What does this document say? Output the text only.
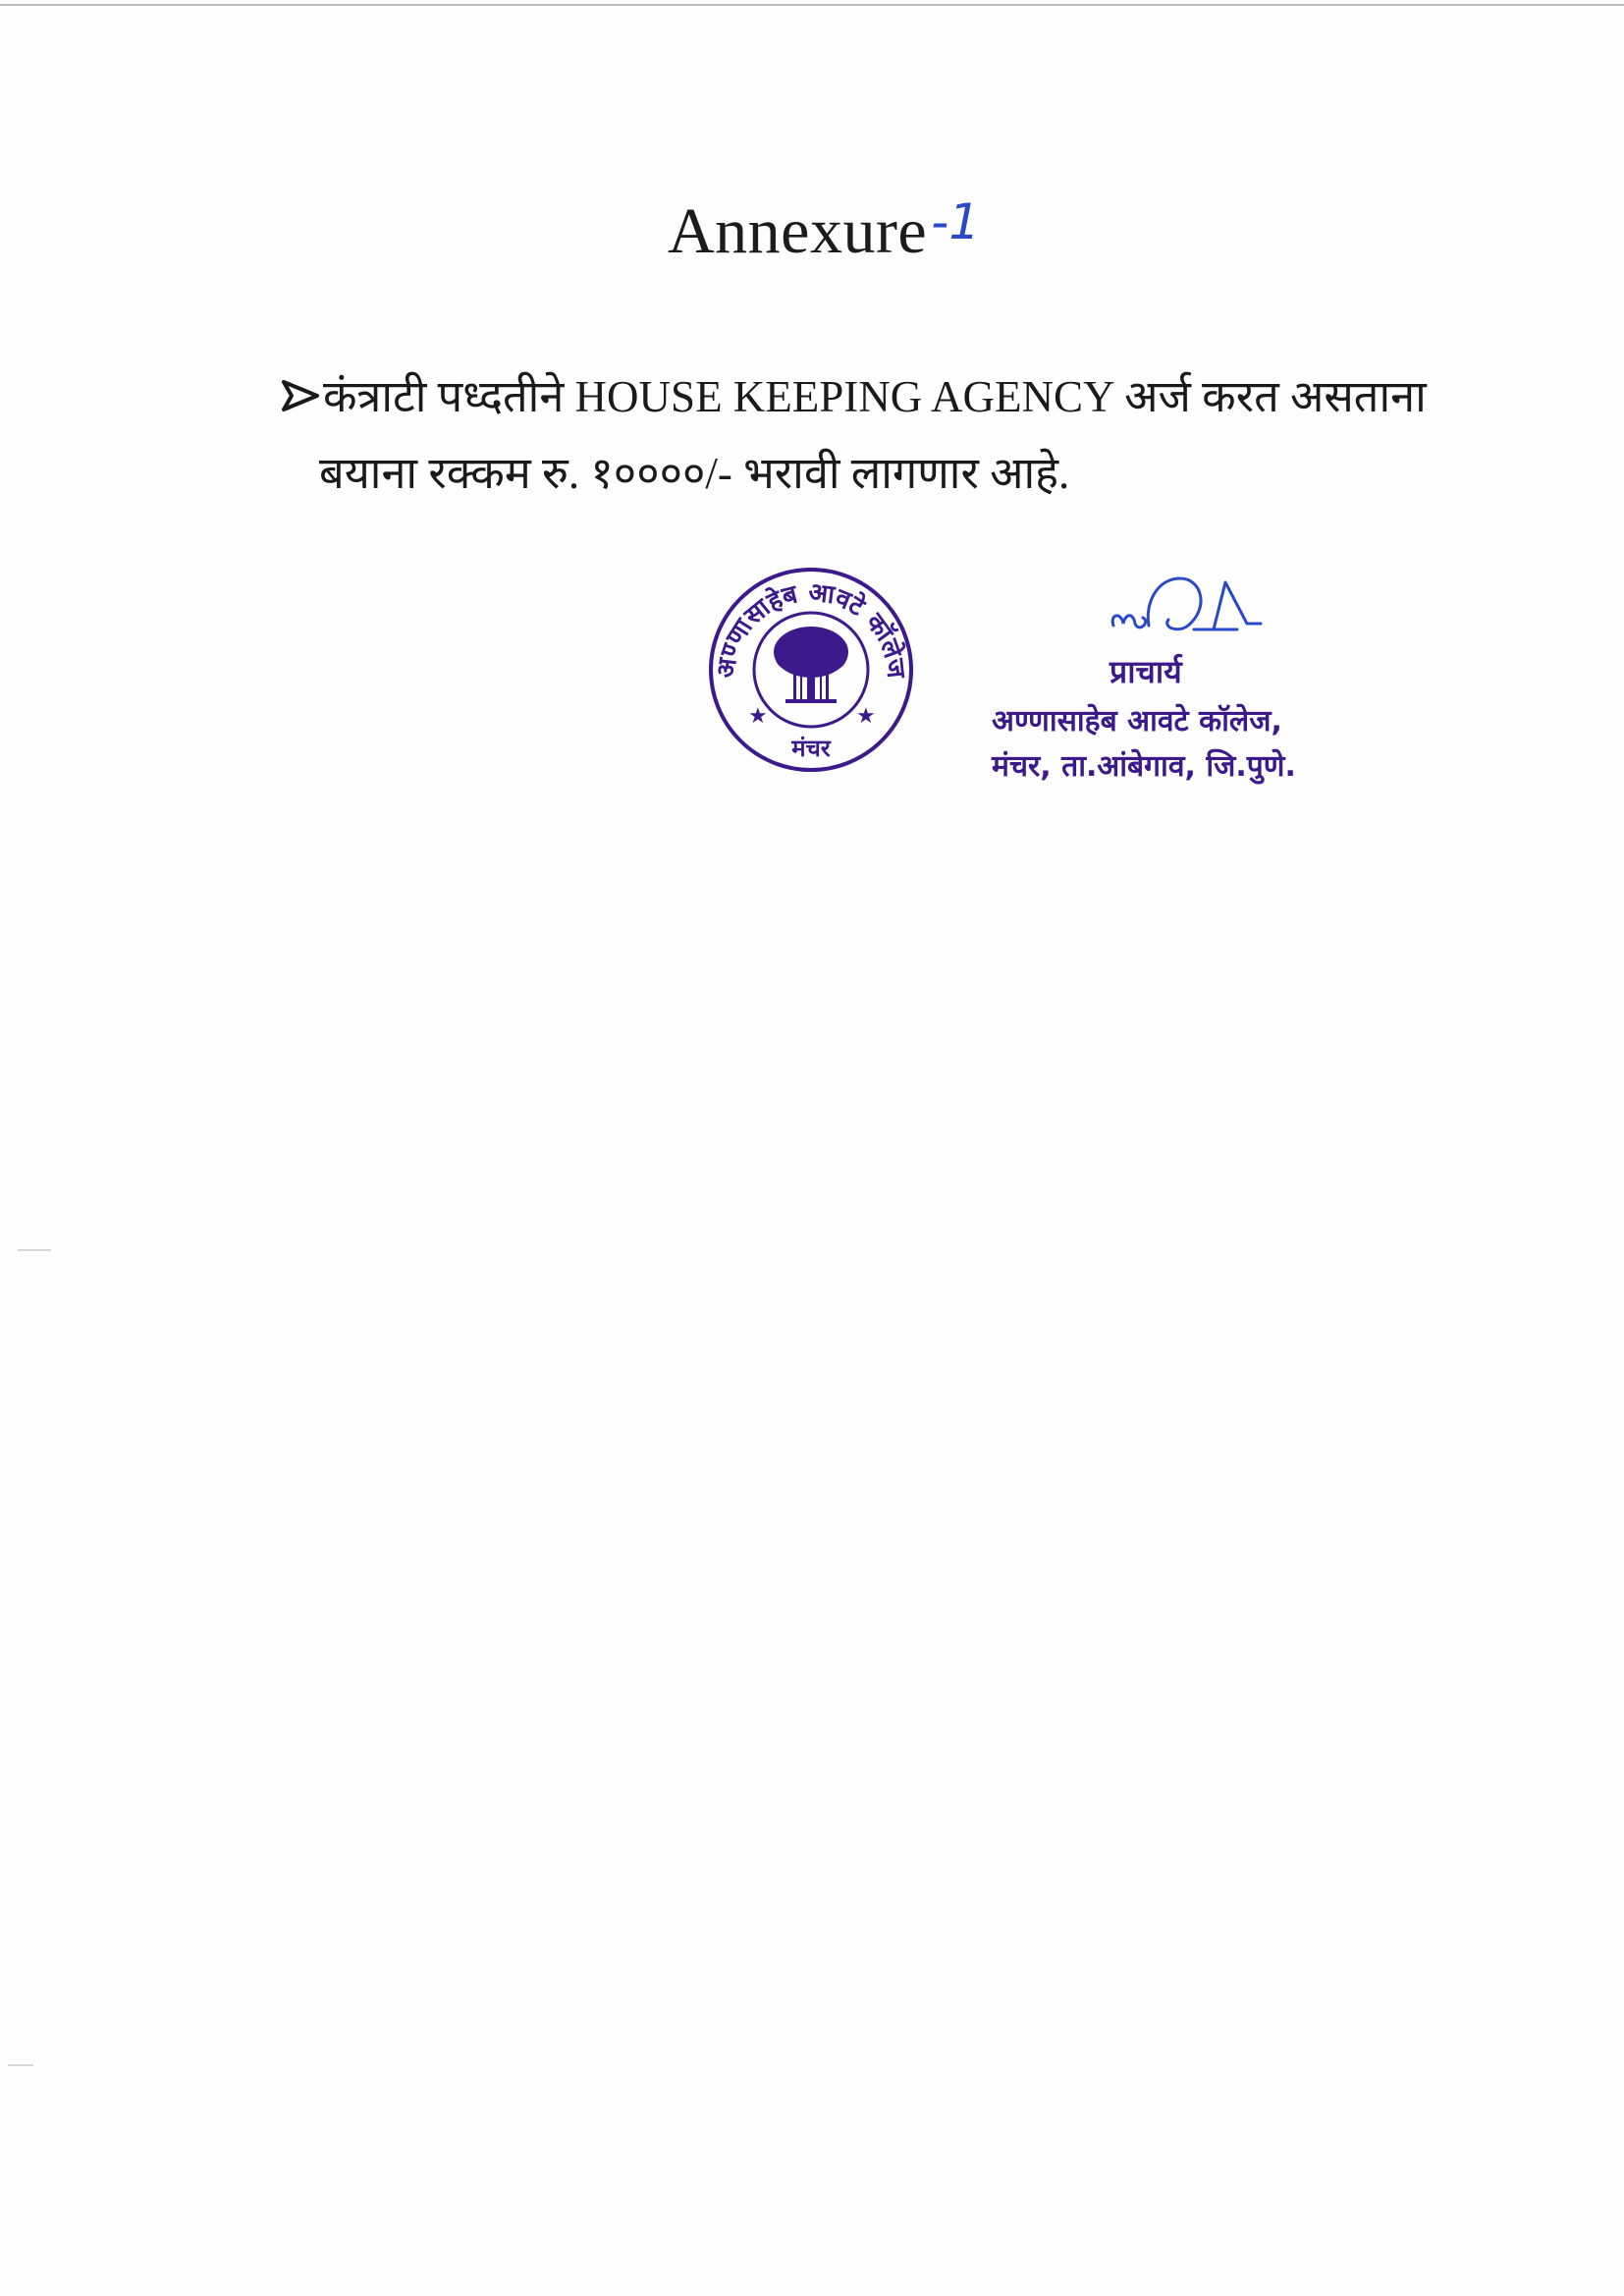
Annexure -1
कंत्राटी पध्दतीने HOUSE KEEPING AGENCY अर्ज करत असताना
बयाना रक्कम रु. १००००/- भरावी लागणार आहे.
अण्णासाहेब आवटे कॉलेज
मंचर
★	★
प्राचार्य
अण्णासाहेब आवटे कॉलेज,
मंचर, ता.आंबेगाव, जि.पुणे.
